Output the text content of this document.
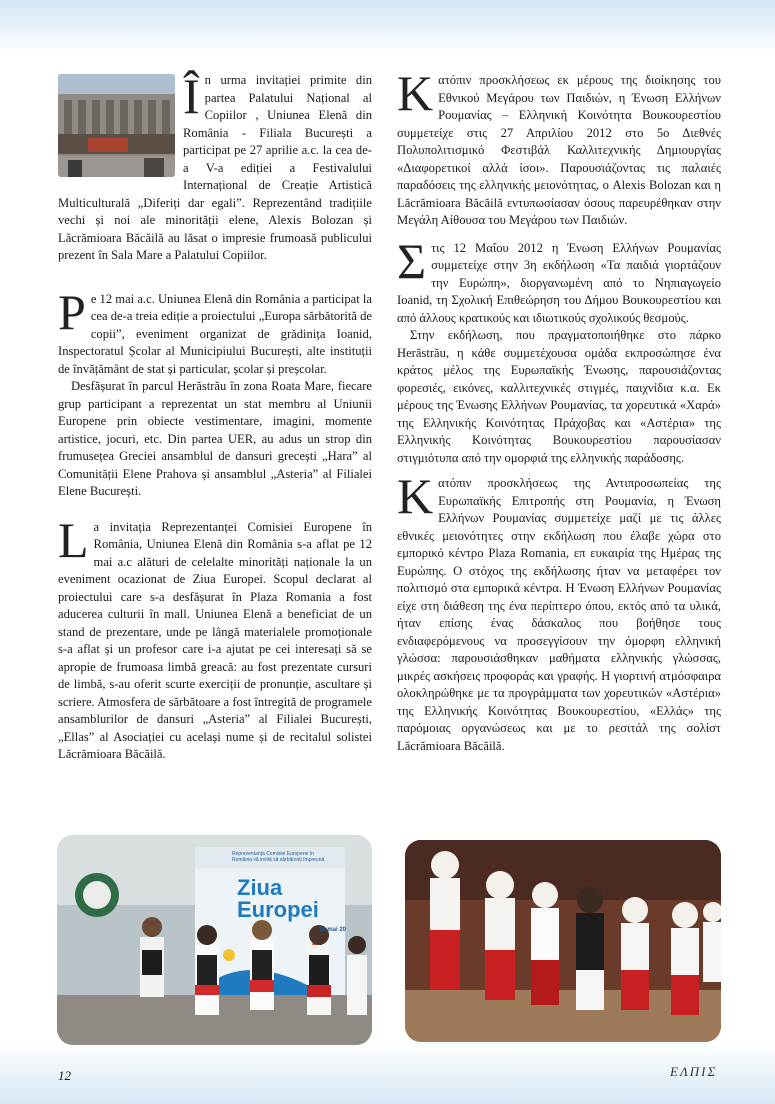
În urma invitației primite din partea Palatului Național al Copiilor , Uniunea Elenă din România - Filiala București a participat pe 27 aprilie a.c. la cea de-a V-a ediției a Festivalului Internațional de Creație Artistică Multiculturală „Diferiți dar egali”. Reprezentând tradițiile vechi și noi ale minorității elene, Alexis Bolozan și Lăcrămioara Băcăilă au lăsat o impresie frumoasă publicului prezent în Sala Mare a Palatului Copiilor.

Pe 12 mai a.c. Uniunea Elenă din România a participat la cea de-a treia ediție a proiectului „Europa sărbătorită de copii”, eveniment organizat de grădinița Ioanid, Inspectoratul Școlar al Municipiului București, alte instituții de învățământ de stat și particular, școlar și preșcolar.

Desfășurat în parcul Herăstrău în zona Roata Mare, fiecare grup participant a reprezentat un stat membru al Uniunii Europene prin obiecte vestimentare, imagini, momente artistice, jocuri, etc. Din partea UER, au adus un strop din frumusețea Greciei ansamblul de dansuri grecești „Hara” al Comunității Elene Prahova și ansamblul „Asteria” al Filialei Elene București.

La invitația Reprezentanței Comisiei Europene în România, Uniunea Elenă din România s-a aflat pe 12 mai a.c alături de celelalte minorități naționale la un eveniment ocazionat de Ziua Europei. Scopul declarat al proiectului care s-a desfășurat în Plaza Romania a fost aducerea culturii în mall. Uniunea Elenă a beneficiat de un stand de prezentare, unde pe lângă materialele promoționale s-a aflat și un profesor care i-a ajutat pe cei interesați să se apropie de frumoasa limbă greacă: au fost prezentate cursuri de limbă, s-au oferit scurte exerciții de pronunție, ascultare și scriere. Atmosfera de sărbătoare a fost întregită de programele ansamblurilor de dansuri „Asteria” al Filialei București, „Ellas” al Asociației cu același nume și de recitalul solistei Lăcrămioara Băcăilă.

Κατόπιν προσκλήσεως εκ μέρους της διοίκησης του Εθνικού Μεγάρου των Παιδιών, η Ένωση Ελλήνων Ρουμανίας – Ελληνική Κοινότητα Βουκουρεστίου συμμετείχε στις 27 Απριλίου 2012 στο 5ο Διεθνές Πολυπολιτισμικό Φεστιβάλ Καλλιτεχνικής Δημιουργίας «Διαφορετικοί αλλά ίσοι». Παρουσιάζοντας τις παλαιές παραδόσεις της ελληνικής μειονότητας, ο Alexis Bolozan και η Lăcrămioara Băcăilă εντυπωσίασαν όσους παρευρέθηκαν στην Μεγάλη Αίθουσα του Μεγάρου των Παιδιών.

Στις 12 Μαΐου 2012 η Ένωση Ελλήνων Ρουμανίας συμμετείχε στην 3η εκδήλωση «Τα παιδιά γιορτάζουν την Ευρώπη», διοργανωμένη από το Νηπιαγωγείο Ioanid, τη Σχολική Επιθεώρηση του Δήμου Βουκουρεστίου και από άλλους κρατικούς και ιδιωτικούς σχολικούς θεσμούς.

Στην εκδήλωση, που πραγματοποιήθηκε στο πάρκο Herăstrău, η κάθε συμμετέχουσα ομάδα εκπροσώπησε ένα κράτος μέλος της Ευρωπαϊκής Ένωσης, παρουσιάζοντας φορεσιές, εικόνες, καλλιτεχνικές στιγμές, παιχνίδια κ.α. Εκ μέρους της Ένωσης Ελλήνων Ρουμανίας, τα χορευτικά «Χαρά» της Ελληνικής Κοινότητας Πράχοβας και «Αστέρια» της Ελληνικής Κοινότητας Βουκουρεστίου παρουσίασαν στιγμιότυπα από την ομορφιά της ελληνικής παράδοσης.

Κατόπιν προσκλήσεως της Αντιπροσωπείας της Ευρωπαϊκής Επιτροπής στη Ρουμανία, η Ένωση Ελλήνων Ρουμανίας συμμετείχε μαζί με τις άλλες εθνικές μειονότητες στην εκδήλωση που έλαβε χώρα στο εμπορικό κέντρο Plaza Romania, επ ευκαιρία της Ημέρας της Ευρώπης. Ο στόχος της εκδήλωσης ήταν να μεταφέρει τον πολιτισμό στα εμπορικά κέντρα. Η Ένωση Ελλήνων Ρουμανίας είχε στη διάθεση της ένα περίπτερο όπου, εκτός από τα υλικά, ήταν επίσης ένας δάσκαλος που βοήθησε τους ενδιαφερόμενους να προσεγγίσουν την όμορφη ελληνική γλώσσα: παρουσιάσθηκαν μαθήματα ελληνικής γλώσσας, μικρές ασκήσεις προφοράς και γραφής. Η γιορτινή ατμόσφαιρα ολοκληρώθηκε με τα προγράμματα των χορευτικών «Αστέρια» της Ελληνικής Κοινότητας Βουκουρεστίου, «Ελλάς» της παρόμοιας οργανώσεως και με το ρεσιτάλ της σολίστ Lăcrămioara Băcăilă.

Reprezentanța Comisiei Europene în România vă invită să sărbătoriți împreună
Ziua
Europei
12 mai 20
12	ΕΛΠΙΣ
